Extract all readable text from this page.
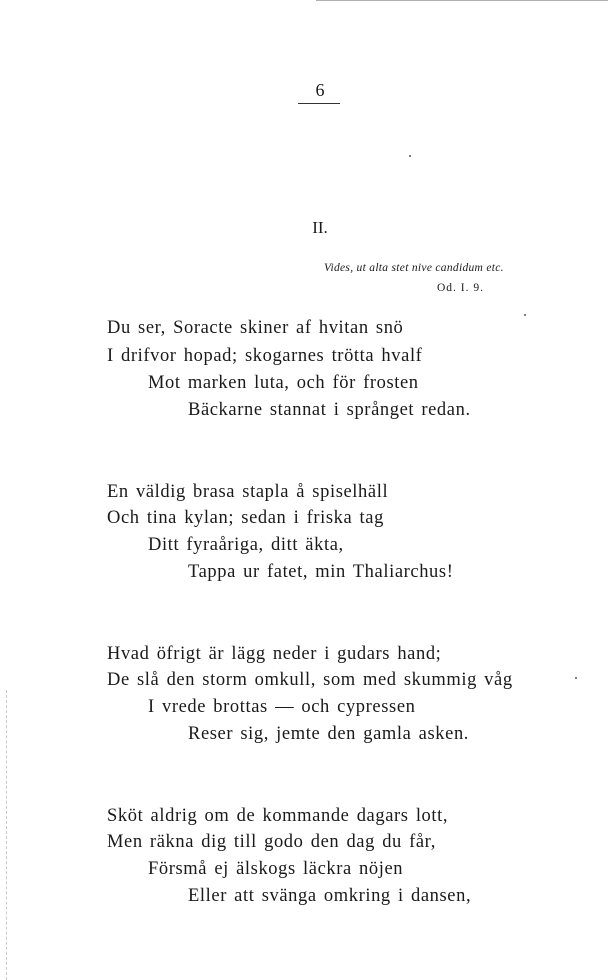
6
II.
Vides, ut alta stet nive candidum etc.
Od. I. 9.
Du ser, Soracte skiner af hvitan snö
I drifvor hopad; skogarnes trötta hvalf
Mot marken luta, och för frosten
Bäckarne stannat i språnget redan.
En väldig brasa stapla å spiselhäll
Och tina kylan; sedan i friska tag
Ditt fyraåriga, ditt äkta,
Tappa ur fatet, min Thaliarchus!
Hvad öfrigt är lägg neder i gudars hand;
De slå den storm omkull, som med skummig våg
I vrede brottas — och cypressen
Reser sig, jemte den gamla asken.
Sköt aldrig om de kommande dagars lott,
Men räkna dig till godo den dag du får,
Försmå ej älskogs läckra nöjen
Eller att svänga omkring i dansen,
